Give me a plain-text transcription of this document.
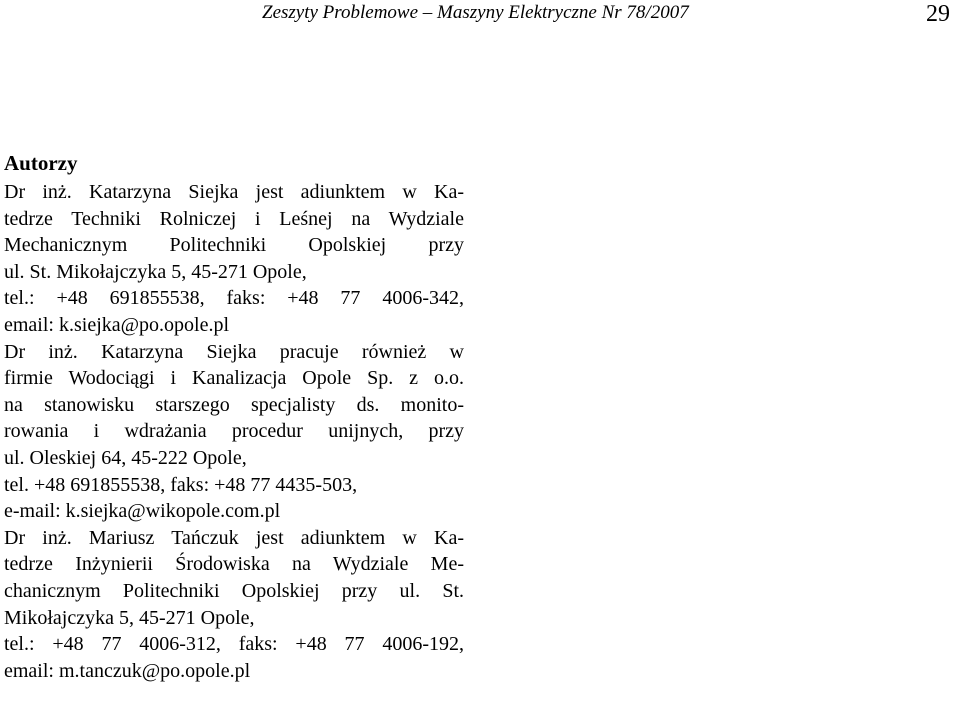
Zeszyty Problemowe – Maszyny Elektryczne Nr 78/2007	29
Autorzy
Dr inż. Katarzyna Siejka jest adiunktem w Ka-
tedrze Techniki Rolniczej i Leśnej na Wydziale
Mechanicznym Politechniki Opolskiej przy
ul. St. Mikołajczyka 5, 45-271 Opole,
tel.: +48 691855538, faks: +48 77 4006-342,
email: k.siejka@po.opole.pl
Dr inż. Katarzyna Siejka pracuje również w
firmie Wodociągi i Kanalizacja Opole Sp. z o.o.
na stanowisku starszego specjalisty ds. monito-
rowania i wdrażania procedur unijnych, przy
ul. Oleskiej 64, 45-222 Opole,
tel. +48 691855538, faks: +48 77 4435-503,
e-mail: k.siejka@wikopole.com.pl
Dr inż. Mariusz Tańczuk jest adiunktem w Ka-
tedrze Inżynierii Środowiska na Wydziale Me-
chanicznym Politechniki Opolskiej przy ul. St.
Mikołajczyka 5, 45-271 Opole,
tel.: +48 77 4006-312, faks: +48 77 4006-192,
email: m.tanczuk@po.opole.pl
